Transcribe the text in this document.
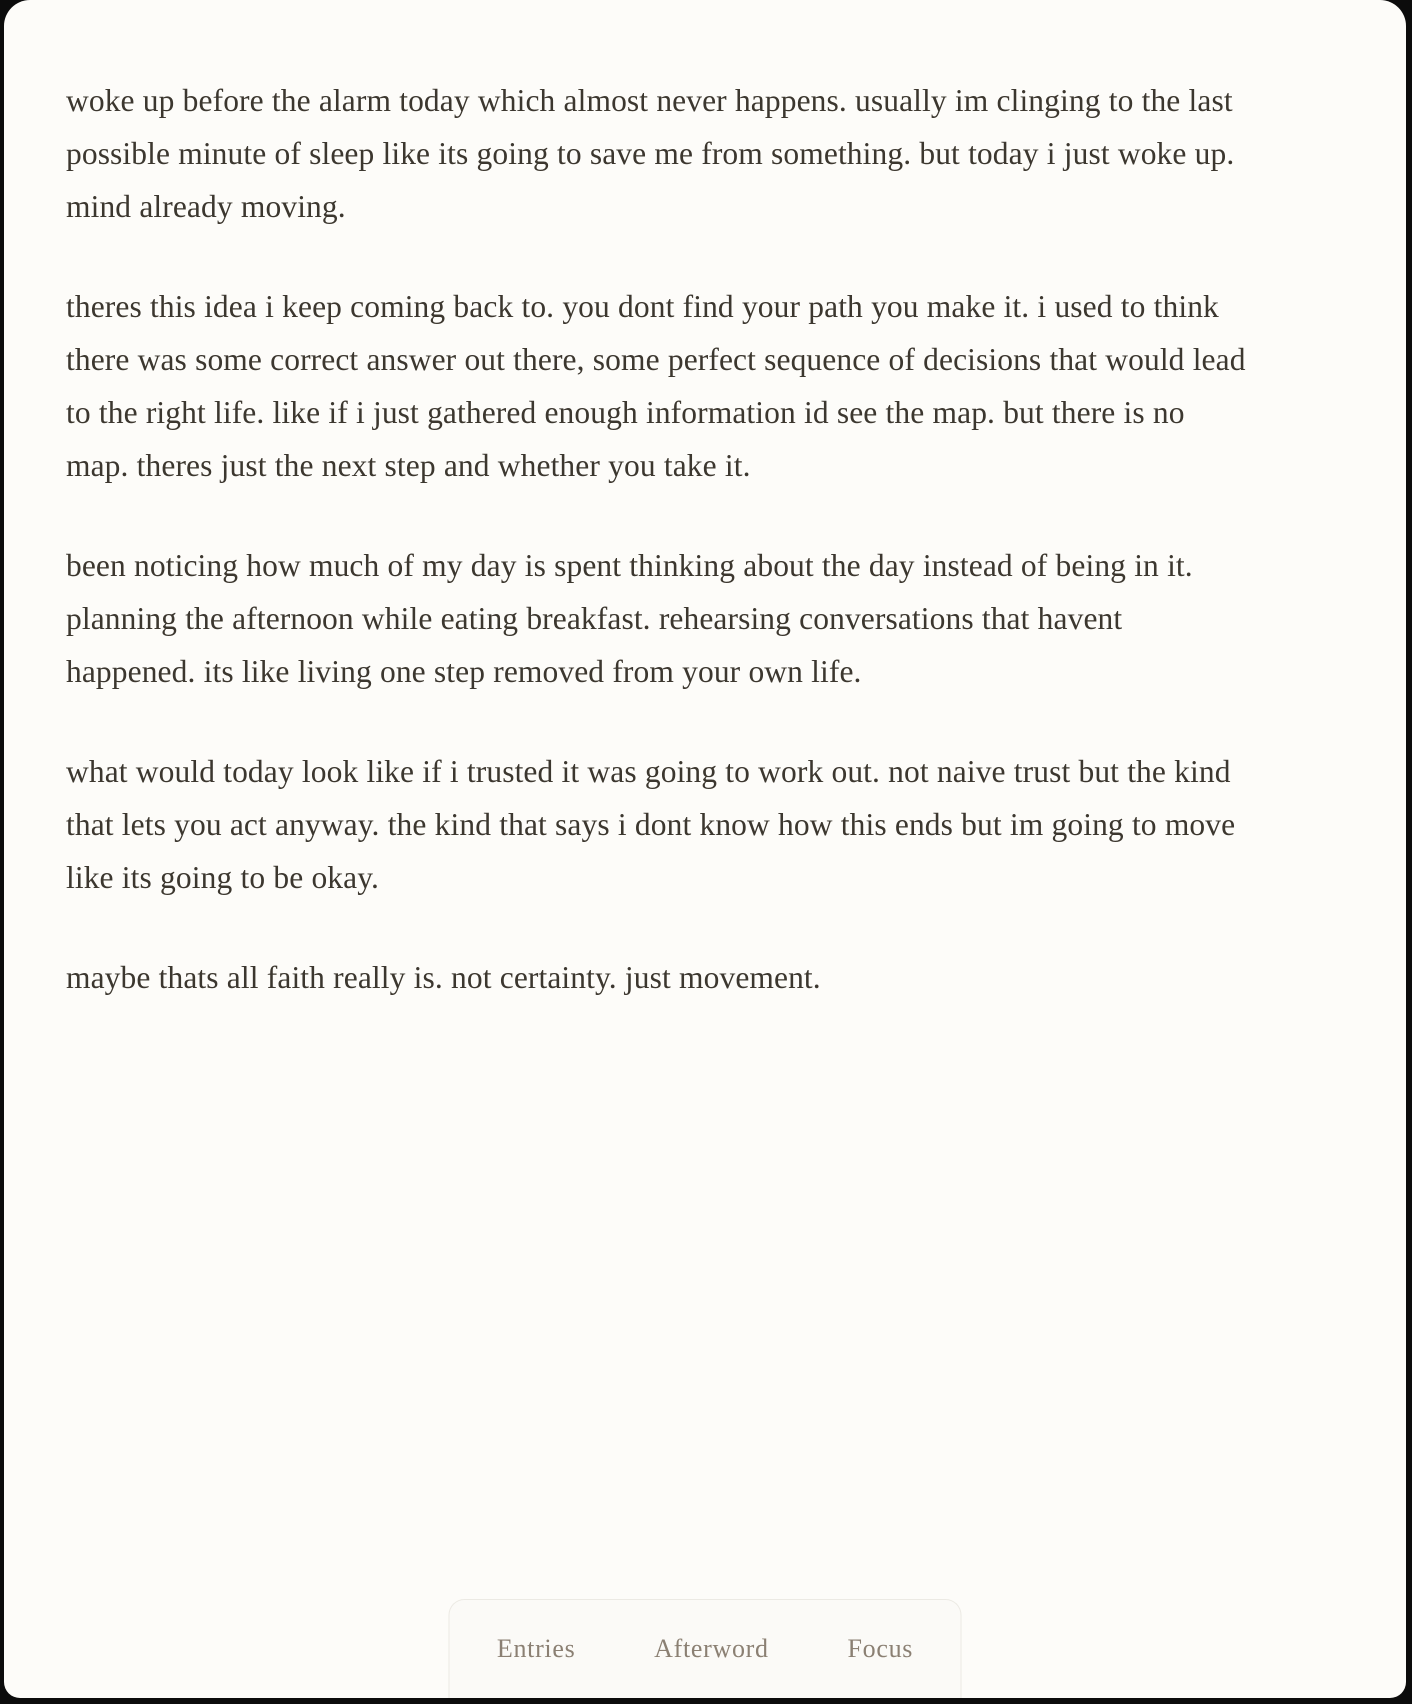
woke up before the alarm today which almost never happens. usually im clinging to the last possible minute of sleep like its going to save me from something. but today i just woke up. mind already moving.

theres this idea i keep coming back to. you dont find your path you make it. i used to think there was some correct answer out there, some perfect sequence of decisions that would lead to the right life. like if i just gathered enough information id see the map. but there is no map. theres just the next step and whether you take it.

been noticing how much of my day is spent thinking about the day instead of being in it. planning the afternoon while eating breakfast. rehearsing conversations that havent happened. its like living one step removed from your own life.

what would today look like if i trusted it was going to work out. not naive trust but the kind that lets you act anyway. the kind that says i dont know how this ends but im going to move like its going to be okay.

maybe thats all faith really is. not certainty. just movement.

Entries	Afterword	Focus
